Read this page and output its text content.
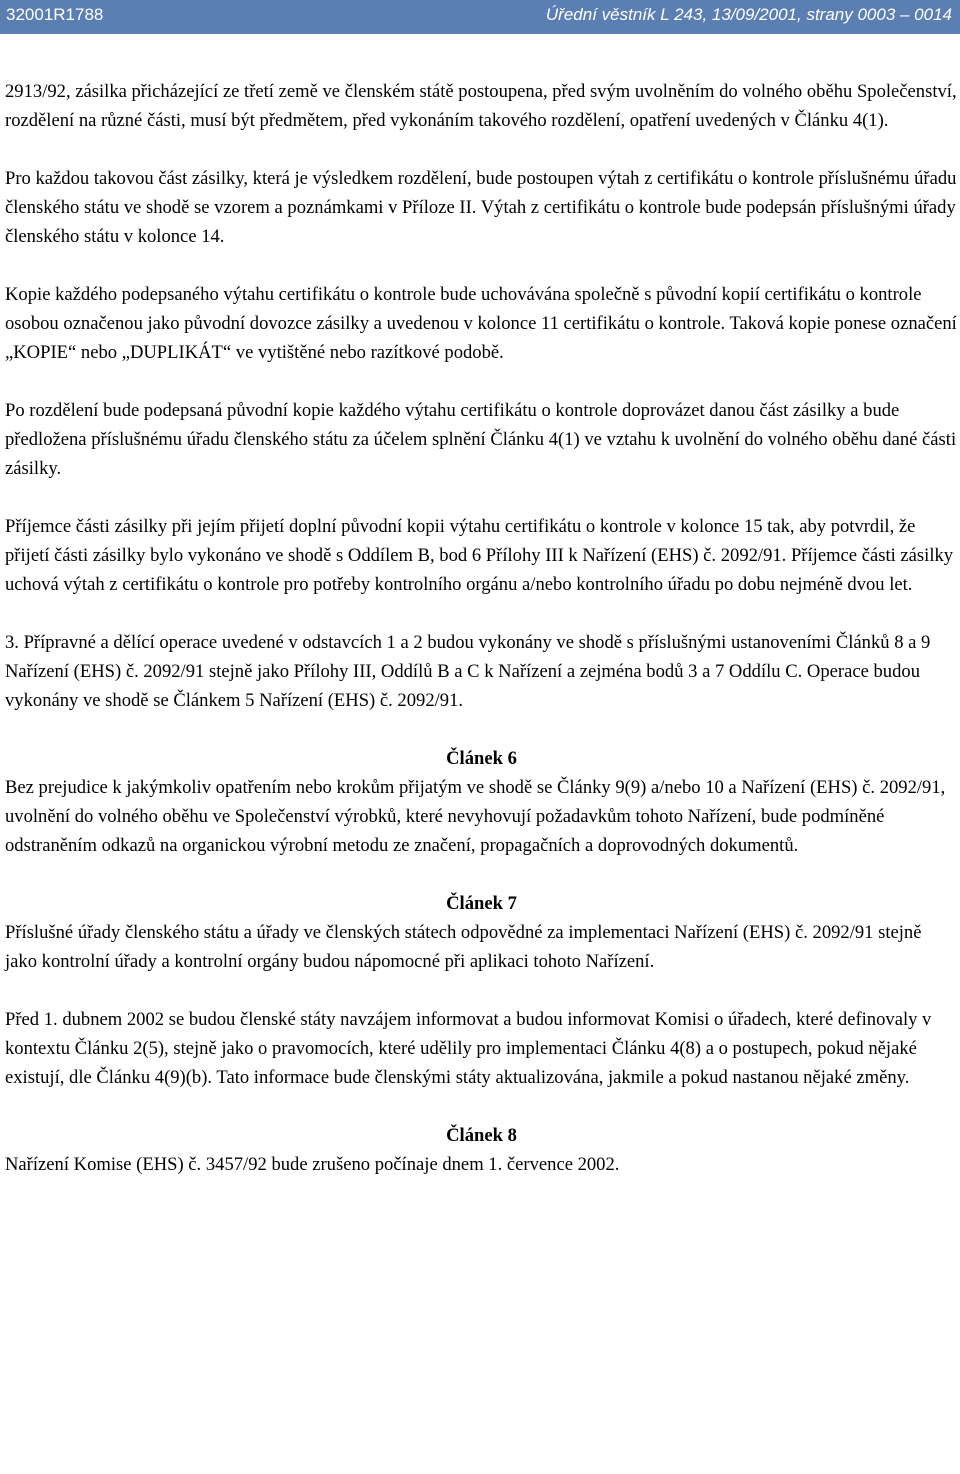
32001R1788	Úřední věstník L 243, 13/09/2001, strany 0003 – 0014

2913/92, zásilka přicházející ze třetí země ve členském státě postoupena, před svým uvolněním do volného oběhu Společenství, rozdělení na různé části, musí být předmětem, před vykonáním takového rozdělení, opatření uvedených v Článku 4(1).

Pro každou takovou část zásilky, která je výsledkem rozdělení, bude postoupen výtah z certifikátu o kontrole příslušnému úřadu členského státu ve shodě se vzorem a poznámkami v Příloze II. Výtah z certifikátu o kontrole bude podepsán příslušnými úřady členského státu v kolonce 14.

Kopie každého podepsaného výtahu certifikátu o kontrole bude uchovávána společně s původní kopií certifikátu o kontrole osobou označenou jako původní dovozce zásilky a uvedenou v kolonce 11 certifikátu o kontrole. Taková kopie ponese označení „KOPIE“ nebo „DUPLIKÁT“ ve vytištěné nebo razítkové podobě.

Po rozdělení bude podepsaná původní kopie každého výtahu certifikátu o kontrole doprovázet danou část zásilky a bude předložena příslušnému úřadu členského státu za účelem splnění Článku 4(1) ve vztahu k uvolnění do volného oběhu dané části zásilky.

Příjemce části zásilky při jejím přijetí doplní původní kopii výtahu certifikátu o kontrole v kolonce 15 tak, aby potvrdil, že přijetí části zásilky bylo vykonáno ve shodě s Oddílem B, bod 6 Přílohy III k Nařízení (EHS) č. 2092/91. Příjemce části zásilky uchová výtah z certifikátu o kontrole pro potřeby kontrolního orgánu a/nebo kontrolního úřadu po dobu nejméně dvou let.

3. Přípravné a dělící operace uvedené v odstavcích 1 a 2 budou vykonány ve shodě s příslušnými ustanoveními Článků 8 a 9 Nařízení (EHS) č. 2092/91 stejně jako Přílohy III, Oddílů B a C k Nařízení a zejména bodů 3 a 7 Oddílu C. Operace budou vykonány ve shodě se Článkem 5 Nařízení (EHS) č. 2092/91.

Článek 6

Bez prejudice k jakýmkoliv opatřením nebo krokům přijatým ve shodě se Články 9(9) a/nebo 10 a Nařízení (EHS) č. 2092/91, uvolnění do volného oběhu ve Společenství výrobků, které nevyhovují požadavkům tohoto Nařízení, bude podmíněné odstraněním odkazů na organickou výrobní metodu ze značení, propagačních a doprovodných dokumentů.

Článek 7

Příslušné úřady členského státu a úřady ve členských státech odpovědné za implementaci Nařízení (EHS) č. 2092/91 stejně jako kontrolní úřady a kontrolní orgány budou nápomocné při aplikaci tohoto Nařízení.

Před 1. dubnem 2002 se budou členské státy navzájem informovat a budou informovat Komisi o úřadech, které definovaly v kontextu Článku 2(5), stejně jako o pravomocích, které udělily pro implementaci Článku 4(8) a o postupech, pokud nějaké existují, dle Článku 4(9)(b). Tato informace bude členskými státy aktualizována, jakmile a pokud nastanou nějaké změny.

Článek 8

Nařízení Komise (EHS) č. 3457/92 bude zrušeno počínaje dnem 1. července 2002.
